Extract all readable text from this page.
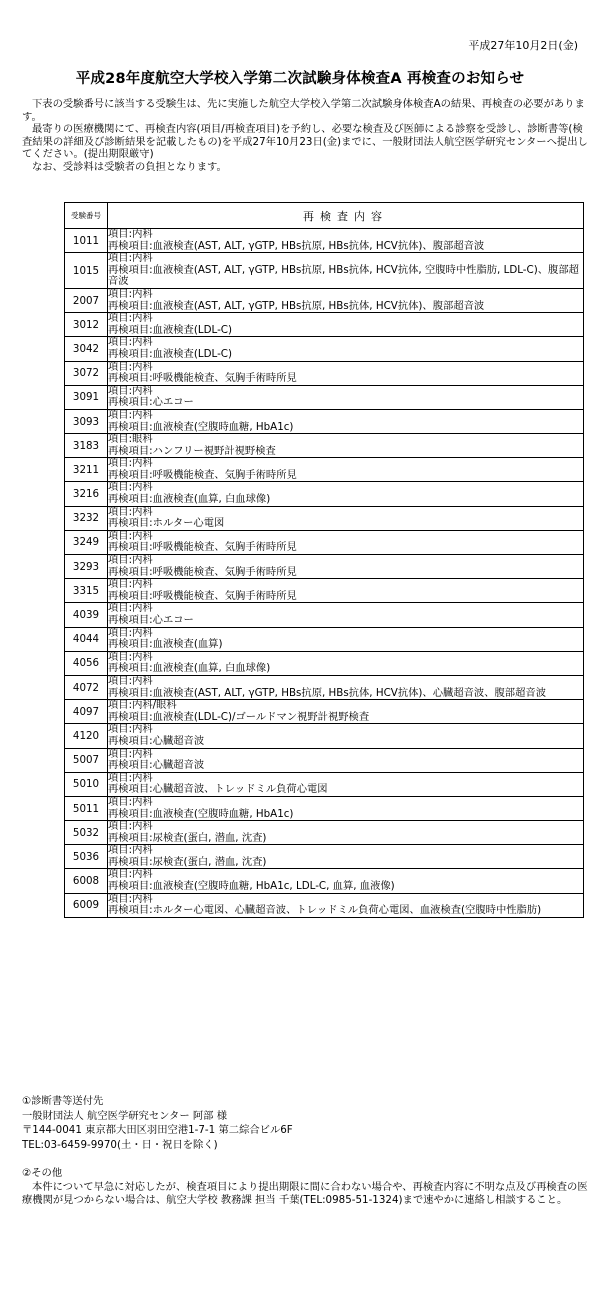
平成27年10月2日(金)
平成28年度航空大学校入学第二次試験身体検査A 再検査のお知らせ

下表の受験番号に該当する受験生は、先に実施した航空大学校入学第二次試験身体検査Aの結果、再検査の必要があります。

最寄りの医療機関にて、再検査内容(項目/再検査項目)を予約し、必要な検査及び医師による診察を受診し、診断書等(検査結果の詳細及び診断結果を記載したもの)を平成27年10月23日(金)までに、一般財団法人航空医学研究センターへ提出してください。(提出期限厳守)

なお、受診料は受験者の負担となります。

受験番号	再検査内容
1011	項目:内科
再検項目:血液検査(AST, ALT, γGTP, HBs抗原, HBs抗体, HCV抗体)、腹部超音波
1015	項目:内科
再検項目:血液検査(AST, ALT, γGTP, HBs抗原, HBs抗体, HCV抗体, 空腹時中性脂肪, LDL-C)、腹部超音波
2007	項目:内科
再検項目:血液検査(AST, ALT, γGTP, HBs抗原, HBs抗体, HCV抗体)、腹部超音波
3012	項目:内科
再検項目:血液検査(LDL-C)
3042	項目:内科
再検項目:血液検査(LDL-C)
3072	項目:内科
再検項目:呼吸機能検査、気胸手術時所見
3091	項目:内科
再検項目:心エコー
3093	項目:内科
再検項目:血液検査(空腹時血糖, HbA1c)
3183	項目:眼科
再検項目:ハンフリー視野計視野検査
3211	項目:内科
再検項目:呼吸機能検査、気胸手術時所見
3216	項目:内科
再検項目:血液検査(血算, 白血球像)
3232	項目:内科
再検項目:ホルター心電図
3249	項目:内科
再検項目:呼吸機能検査、気胸手術時所見
3293	項目:内科
再検項目:呼吸機能検査、気胸手術時所見
3315	項目:内科
再検項目:呼吸機能検査、気胸手術時所見
4039	項目:内科
再検項目:心エコー
4044	項目:内科
再検項目:血液検査(血算)
4056	項目:内科
再検項目:血液検査(血算, 白血球像)
4072	項目:内科
再検項目:血液検査(AST, ALT, γGTP, HBs抗原, HBs抗体, HCV抗体)、心臓超音波、腹部超音波
4097	項目:内科/眼科
再検項目:血液検査(LDL-C)/ゴールドマン視野計視野検査
4120	項目:内科
再検項目:心臓超音波
5007	項目:内科
再検項目:心臓超音波
5010	項目:内科
再検項目:心臓超音波、トレッドミル負荷心電図
5011	項目:内科
再検項目:血液検査(空腹時血糖, HbA1c)
5032	項目:内科
再検項目:尿検査(蛋白, 潜血, 沈査)
5036	項目:内科
再検項目:尿検査(蛋白, 潜血, 沈査)
6008	項目:内科
再検項目:血液検査(空腹時血糖, HbA1c, LDL-C, 血算, 血液像)
6009	項目:内科
再検項目:ホルター心電図、心臓超音波、トレッドミル負荷心電図、血液検査(空腹時中性脂肪)

①診断書等送付先

一般財団法人 航空医学研究センター 阿部 様

〒144-0041 東京都大田区羽田空港1-7-1 第二綜合ビル6F

TEL:03-6459-9970(土・日・祝日を除く)

②その他

本件について早急に対応したが、検査項目により提出期限に間に合わない場合や、再検査内容に不明な点及び再検査の医療機関が見つからない場合は、航空大学校 教務課 担当 千葉(TEL:0985-51-1324)まで速やかに連絡し相談すること。
